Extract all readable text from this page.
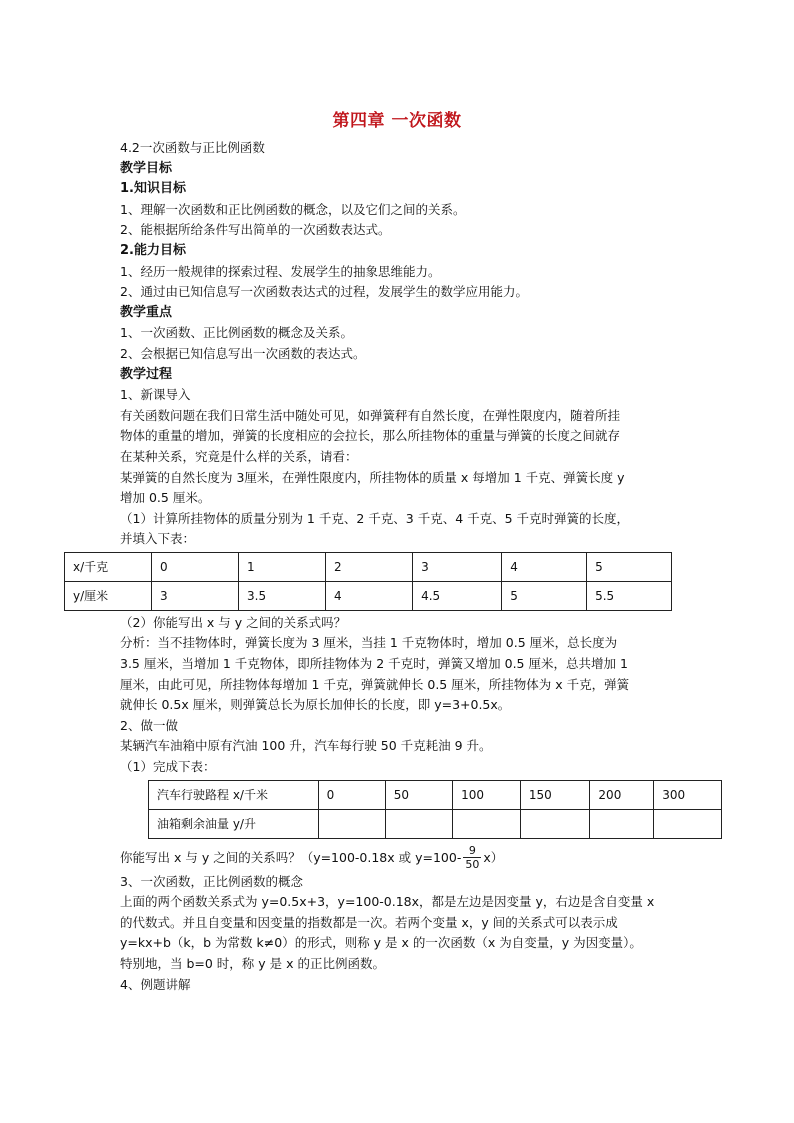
第四章 一次函数

4.2一次函数与正比例函数

教学目标

1.知识目标

1、理解一次函数和正比例函数的概念，以及它们之间的关系。

2、能根据所给条件写出简单的一次函数表达式。

2.能力目标

1、经历一般规律的探索过程、发展学生的抽象思维能力。

2、通过由已知信息写一次函数表达式的过程，发展学生的数学应用能力。

教学重点

1、一次函数、正比例函数的概念及关系。

2、会根据已知信息写出一次函数的表达式。

教学过程

1、新课导入

有关函数问题在我们日常生活中随处可见，如弹簧秤有自然长度，在弹性限度内，随着所挂

物体的重量的增加，弹簧的长度相应的会拉长，那么所挂物体的重量与弹簧的长度之间就存

在某种关系，究竟是什么样的关系，请看：

某弹簧的自然长度为 3厘米，在弹性限度内，所挂物体的质量 x 每增加 1 千克、弹簧长度 y

增加 0.5 厘米。

（1）计算所挂物体的质量分别为 1 千克、2 千克、3 千克、4 千克、5 千克时弹簧的长度，

并填入下表：

x/千克	0	1	2	3	4	5
y/厘米	3	3.5	4	4.5	5	5.5

（2）你能写出 x 与 y 之间的关系式吗？

分析：当不挂物体时，弹簧长度为 3 厘米，当挂 1 千克物体时，增加 0.5 厘米，总长度为

3.5 厘米，当增加 1 千克物体，即所挂物体为 2 千克时，弹簧又增加 0.5 厘米，总共增加 1

厘米，由此可见，所挂物体每增加 1 千克，弹簧就伸长 0.5 厘米，所挂物体为 x 千克，弹簧

就伸长 0.5x 厘米，则弹簧总长为原长加伸长的长度，即 y=3+0.5x。

2、做一做

某辆汽车油箱中原有汽油 100 升，汽车每行驶 50 千克耗油 9 升。

（1）完成下表：

汽车行驶路程 x/千米	0	50	100	150	200	300
油箱剩余油量 y/升						

你能写出 x 与 y 之间的关系吗？（y=100-0.18x 或 $y=100- \frac{9}{50} x$）

3、一次函数，正比例函数的概念

上面的两个函数关系式为 y=0.5x+3，y=100-0.18x，都是左边是因变量 y，右边是含自变量 x

的代数式。并且自变量和因变量的指数都是一次。若两个变量 x，y 间的关系式可以表示成

y=kx+b（k，b 为常数 k≠0）的形式，则称 y 是 x 的一次函数（x 为自变量，y 为因变量）。

特别地，当 b=0 时，称 y 是 x 的正比例函数。

4、例题讲解
